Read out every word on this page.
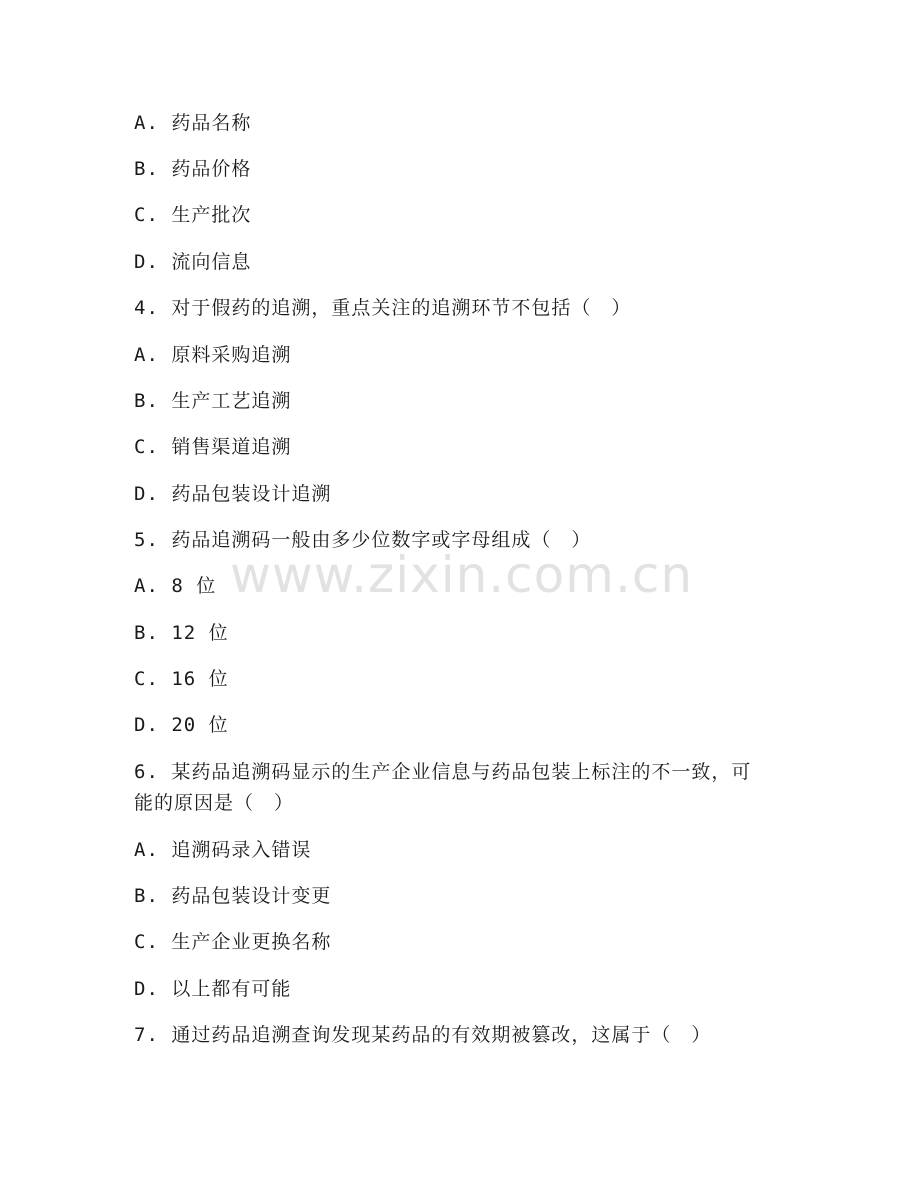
www.zixin.com.cn
A. 药品名称
B. 药品价格
C. 生产批次
D. 流向信息
4. 对于假药的追溯，重点关注的追溯环节不包括（　）
A. 原料采购追溯
B. 生产工艺追溯
C. 销售渠道追溯
D. 药品包装设计追溯
5. 药品追溯码一般由多少位数字或字母组成（　）
A. 8 位
B. 12 位
C. 16 位
D. 20 位
6. 某药品追溯码显示的生产企业信息与药品包装上标注的不一致，可
能的原因是（　）
A. 追溯码录入错误
B. 药品包装设计变更
C. 生产企业更换名称
D. 以上都有可能
7. 通过药品追溯查询发现某药品的有效期被篡改，这属于（　）
